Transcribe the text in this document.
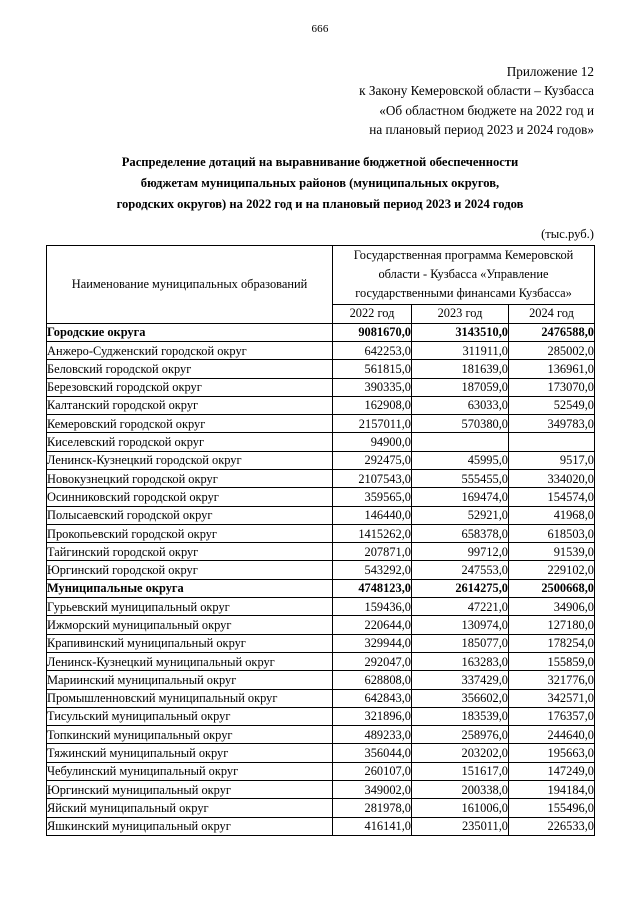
666
Приложение 12
к Закону Кемеровской области – Кузбасса
«Об областном бюджете на 2022 год и
на плановый период 2023 и 2024 годов»
Распределение дотаций на выравнивание бюджетной обеспеченности
бюджетам муниципальных районов (муниципальных округов,
городских округов) на 2022 год и на плановый период 2023 и 2024 годов
(тыс.руб.)
Наименование муниципальных образований	Государственная программа Кемеровской
области - Кузбасса «Управление
государственными финансами Кузбасса»		

	2022 год	2023 год	2024 год
Городские округа	9081670,0	3143510,0	2476588,0
Анжеро-Судженский городской округ	642253,0	311911,0	285002,0
Беловский городской округ	561815,0	181639,0	136961,0
Березовский городской округ	390335,0	187059,0	173070,0
Калтанский городской округ	162908,0	63033,0	52549,0
Кемеровский городской округ	2157011,0	570380,0	349783,0
Киселевский городской округ	94900,0		
Ленинск-Кузнецкий городской округ	292475,0	45995,0	9517,0
Новокузнецкий городской округ	2107543,0	555455,0	334020,0
Осинниковский городской округ	359565,0	169474,0	154574,0
Полысаевский городской округ	146440,0	52921,0	41968,0
Прокопьевский городской округ	1415262,0	658378,0	618503,0
Тайгинский городской округ	207871,0	99712,0	91539,0
Юргинский городской округ	543292,0	247553,0	229102,0
Муниципальные округа	4748123,0	2614275,0	2500668,0
Гурьевский муниципальный округ	159436,0	47221,0	34906,0
Ижморский муниципальный округ	220644,0	130974,0	127180,0
Крапивинский муниципальный округ	329944,0	185077,0	178254,0
Ленинск-Кузнецкий муниципальный округ	292047,0	163283,0	155859,0
Мариинский муниципальный округ	628808,0	337429,0	321776,0
Промышленновский муниципальный округ	642843,0	356602,0	342571,0
Тисульский муниципальный округ	321896,0	183539,0	176357,0
Топкинский муниципальный округ	489233,0	258976,0	244640,0
Тяжинский муниципальный округ	356044,0	203202,0	195663,0
Чебулинский муниципальный округ	260107,0	151617,0	147249,0
Юргинский муниципальный округ	349002,0	200338,0	194184,0
Яйский муниципальный округ	281978,0	161006,0	155496,0
Яшкинский муниципальный округ	416141,0	235011,0	226533,0
